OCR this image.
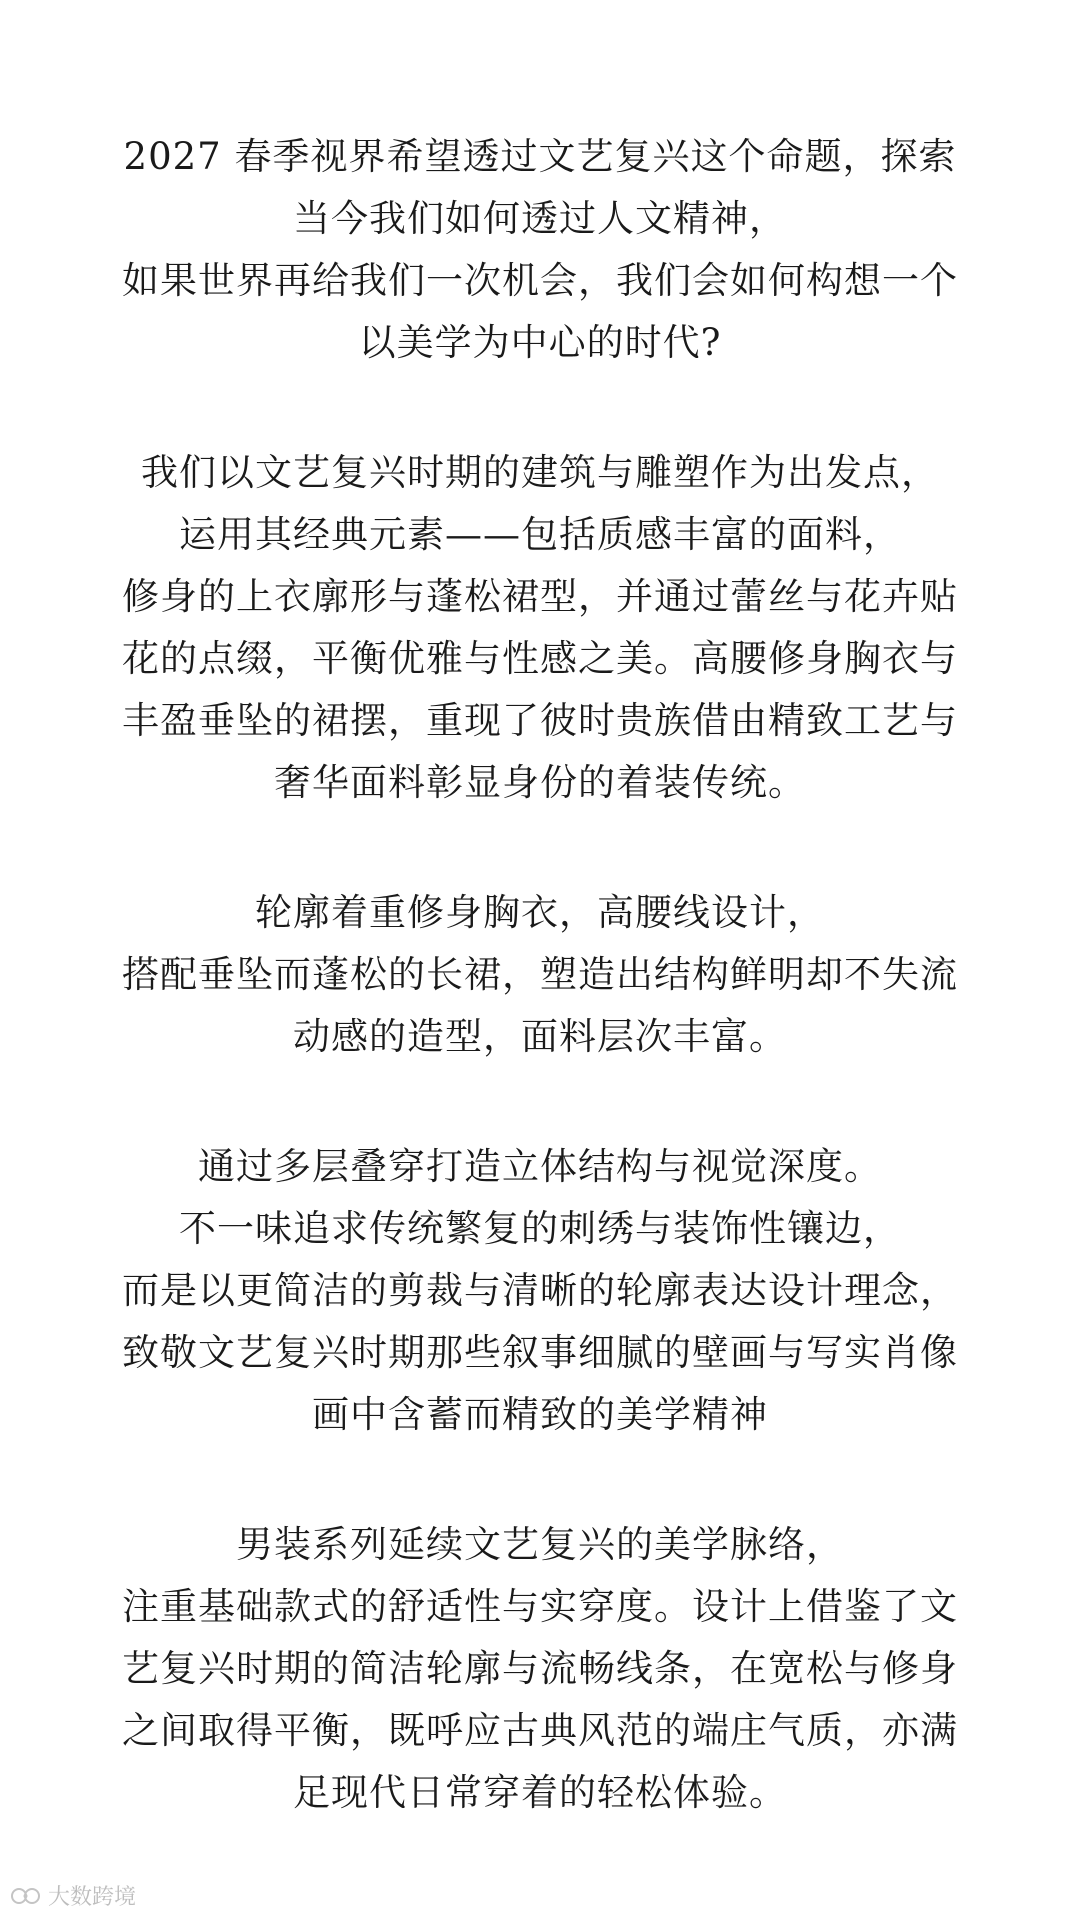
2027 春季视界希望透过文艺复兴这个命题，探索
当今我们如何透过人文精神，
如果世界再给我们一次机会，我们会如何构想一个
以美学为中心的时代?
我们以文艺复兴时期的建筑与雕塑作为出发点，
运用其经典元素——包括质感丰富的面料，
修身的上衣廓形与蓬松裙型，并通过蕾丝与花卉贴
花的点缀，平衡优雅与性感之美。高腰修身胸衣与
丰盈垂坠的裙摆，重现了彼时贵族借由精致工艺与
奢华面料彰显身份的着装传统。
轮廓着重修身胸衣，高腰线设计，
搭配垂坠而蓬松的长裙，塑造出结构鲜明却不失流
动感的造型，面料层次丰富。
通过多层叠穿打造立体结构与视觉深度。
不一味追求传统繁复的刺绣与装饰性镶边，
而是以更简洁的剪裁与清晰的轮廓表达设计理念，
致敬文艺复兴时期那些叙事细腻的壁画与写实肖像
画中含蓄而精致的美学精神
男装系列延续文艺复兴的美学脉络，
注重基础款式的舒适性与实穿度。设计上借鉴了文
艺复兴时期的简洁轮廓与流畅线条，在宽松与修身
之间取得平衡，既呼应古典风范的端庄气质，亦满
足现代日常穿着的轻松体验。
大数跨境
